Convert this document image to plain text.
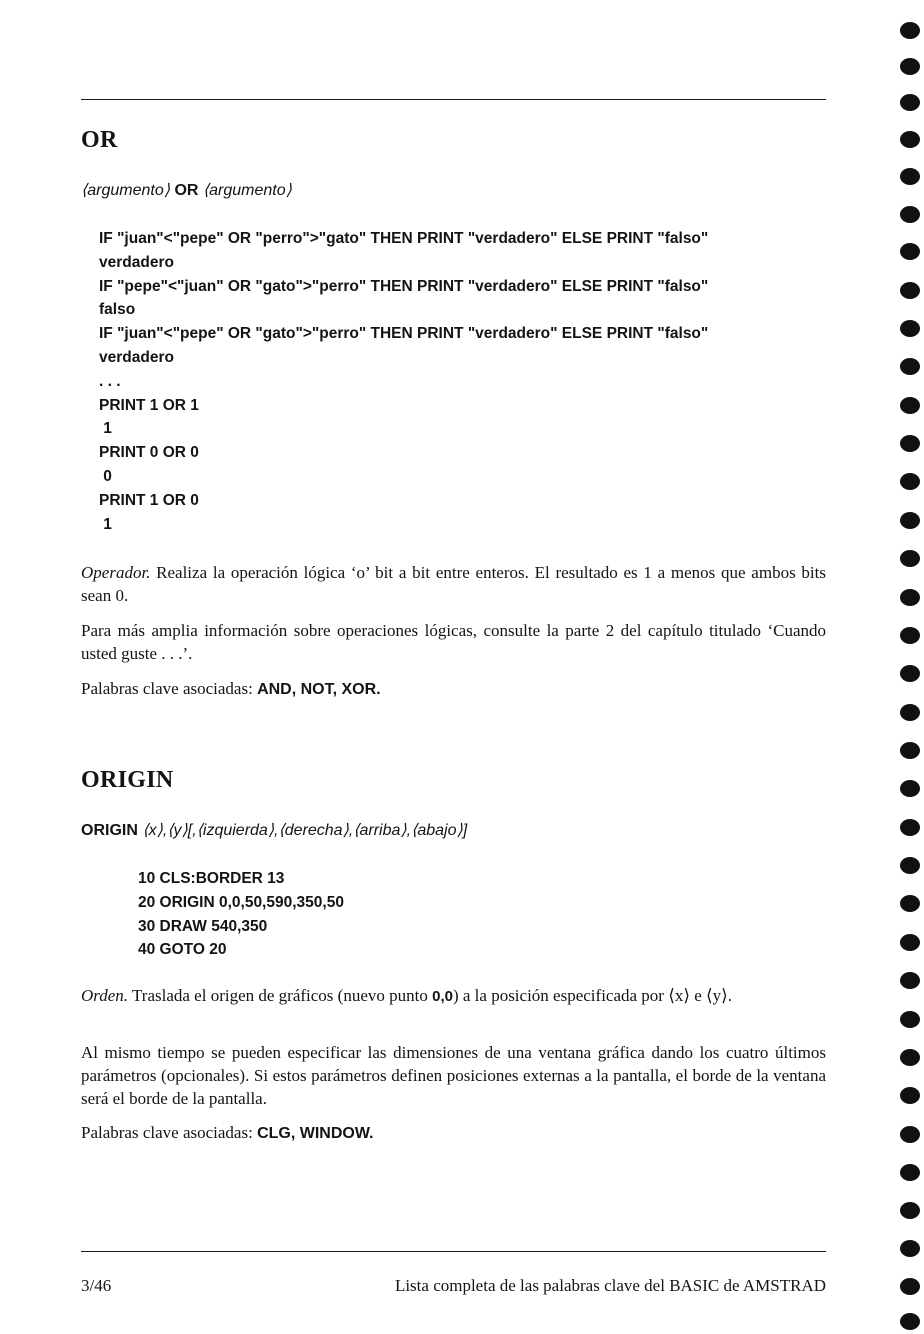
OR
⟨argumento⟩ OR ⟨argumento⟩
IF "juan"<"pepe" OR "perro">"gato" THEN PRINT "verdadero" ELSE PRINT "falso"
verdadero
IF "pepe"<"juan" OR "gato">"perro" THEN PRINT "verdadero" ELSE PRINT "falso"
falso
IF "juan"<"pepe" OR "gato">"perro" THEN PRINT "verdadero" ELSE PRINT "falso"
verdadero
. . .
PRINT 1 OR 1
1
PRINT 0 OR 0
0
PRINT 1 OR 0
1
Operador. Realiza la operación lógica ‘o’ bit a bit entre enteros. El resultado es 1 a menos que ambos bits sean 0.
Para más amplia información sobre operaciones lógicas, consulte la parte 2 del capítulo titulado ‘Cuando usted guste . . .’.
Palabras clave asociadas: AND, NOT, XOR.
ORIGIN
ORIGIN ⟨x⟩,⟨y⟩[,⟨izquierda⟩,⟨derecha⟩,⟨arriba⟩,⟨abajo⟩]
10 CLS:BORDER 13
20 ORIGIN 0,0,50,590,350,50
30 DRAW 540,350
40 GOTO 20
Orden. Traslada el origen de gráficos (nuevo punto 0,0) a la posición especificada por ⟨x⟩ e ⟨y⟩.
Al mismo tiempo se pueden especificar las dimensiones de una ventana gráfica dando los cuatro últimos parámetros (opcionales). Si estos parámetros definen posiciones externas a la pantalla, el borde de la ventana será el borde de la pantalla.
Palabras clave asociadas: CLG, WINDOW.
3/46	Lista completa de las palabras clave del BASIC de AMSTRAD
